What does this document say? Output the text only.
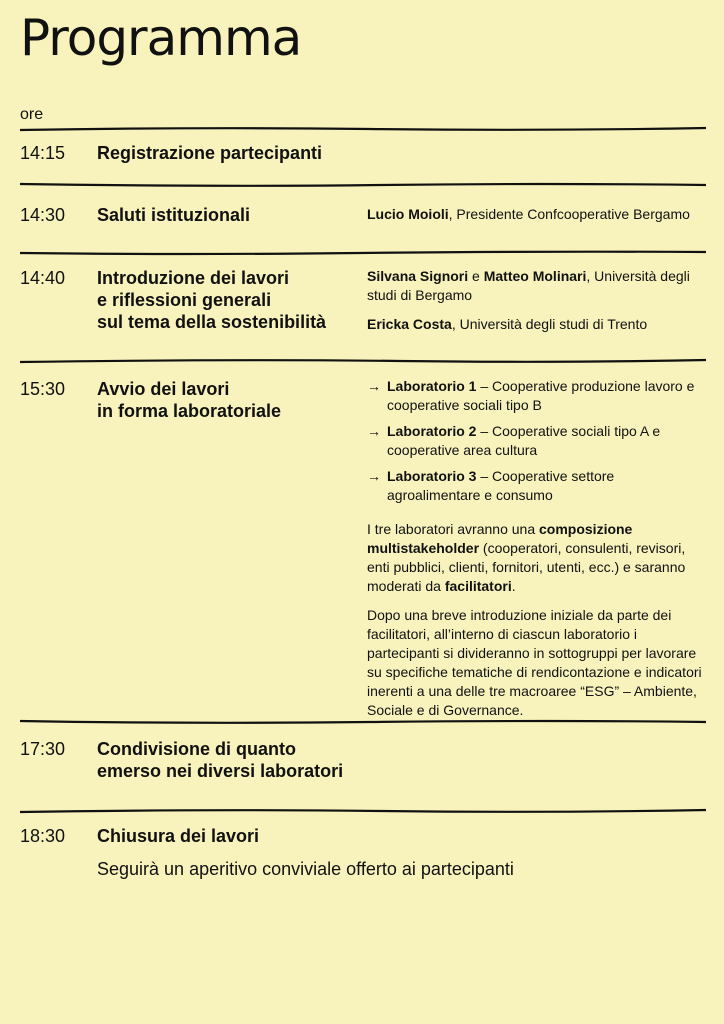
Programma
ore
14:15 Registrazione partecipanti
14:30 Saluti istituzionali	Lucio Moioli, Presidente Confcooperative Bergamo

14:40 Introduzione dei lavori
e riflessioni generali
sul tema della sostenibilità

Silvana Signori e Matteo Molinari, Università degli studi di Bergamo

Ericka Costa, Università degli studi di Trento

15:30 Avvio dei lavori
in forma laboratoriale
→ Laboratorio 1 – Cooperative produzione lavoro e cooperative sociali tipo B
→ Laboratorio 2 – Cooperative sociali tipo A e cooperative area cultura
→ Laboratorio 3 – Cooperative settore agroalimentare e consumo

I tre laboratori avranno una composizione multistakeholder (cooperatori, consulenti, revisori, enti pubblici, clienti, fornitori, utenti, ecc.) e saranno moderati da facilitatori.

Dopo una breve introduzione iniziale da parte dei facilitatori, all’interno di ciascun laboratorio i partecipanti si divideranno in sottogruppi per lavorare su specifiche tematiche di rendicontazione e indicatori inerenti a una delle tre macroaree “ESG” – Ambiente, Sociale e di Governance.

17:30 Condivisione di quanto
emerso nei diversi laboratori
18:30 Chiusura dei lavori
Seguirà un aperitivo conviviale offerto ai partecipanti
